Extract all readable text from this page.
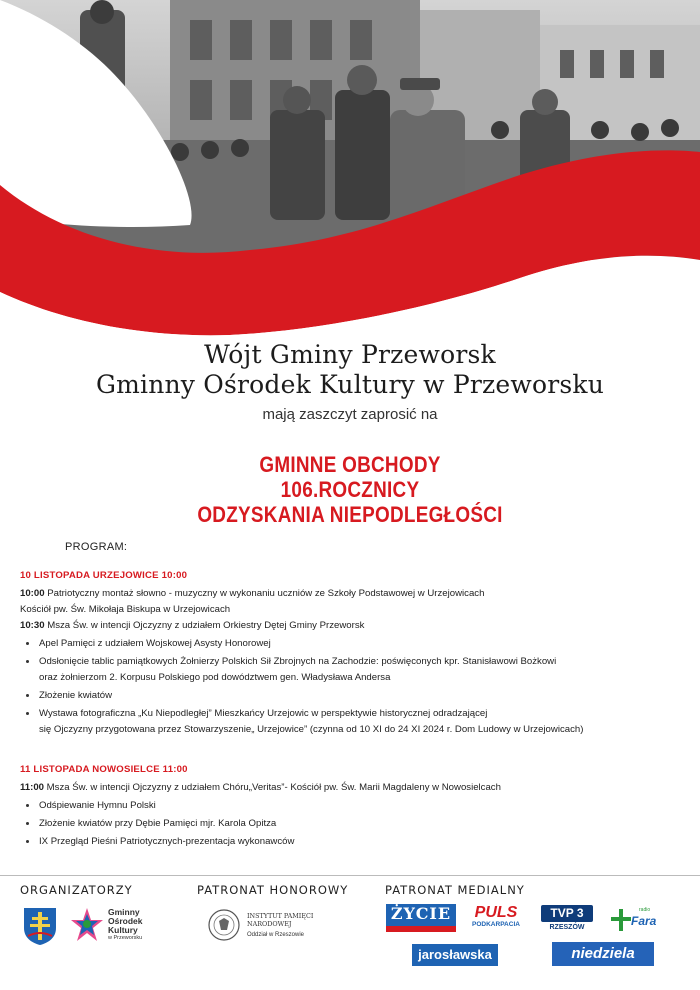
Wójt Gminy Przeworsk
Gminny Ośrodek Kultury w Przeworsku
mają zaszczyt zaprosić na
GMINNE OBCHODY
106.ROCZNICY
ODZYSKANIA NIEPODLEGŁOŚCI
PROGRAM:
10 LISTOPADA URZEJOWICE 10:00
10:00 Patriotyczny montaż słowno - muzyczny w wykonaniu uczniów ze Szkoły Podstawowej w Urzejowicach
Kościół pw. Św. Mikołaja Biskupa w Urzejowicach
10:30 Msza Św. w intencji Ojczyzny z udziałem Orkiestry Dętej Gminy Przeworsk
Apel Pamięci z udziałem Wojskowej Asysty Honorowej
Odsłonięcie tablic pamiątkowych Żołnierzy Polskich Sił Zbrojnych na Zachodzie: poświęconych kpr. Stanisławowi Bożkowi
oraz żołnierzom 2. Korpusu Polskiego pod dowództwem gen. Władysława Andersa
Złożenie kwiatów
Wystawa fotograficzna „Ku Niepodległej” Mieszkańcy Urzejowic w perspektywie historycznej odradzającej
się Ojczyzny przygotowana przez Stowarzyszenie„ Urzejowice” (czynna od 10 XI do 24 XI 2024 r. Dom Ludowy w Urzejowicach)
11 LISTOPADA NOWOSIELCE 11:00
11:00 Msza Św. w intencji Ojczyzny z udziałem Chóru„Veritas”- Kościół pw. Św. Marii Magdaleny w Nowosielcach
Odśpiewanie Hymnu Polski
Złożenie kwiatów przy Dębie Pamięci mjr. Karola Opitza
IX Przegląd Pieśni Patriotycznych-prezentacja wykonawców
ORGANIZATORZY	PATRONAT HONOROWY	PATRONAT MEDIALNY
Gminny
Ośrodek
Kultury
w Przeworsku
INSTYTUT PAMIĘCI
NARODOWEJ
Oddział w Rzeszowie
ŻYCIE	PULS
PODKARPACIA
TVP 3
RZESZÓW
radio
Fara
jarosławska	niedziela
